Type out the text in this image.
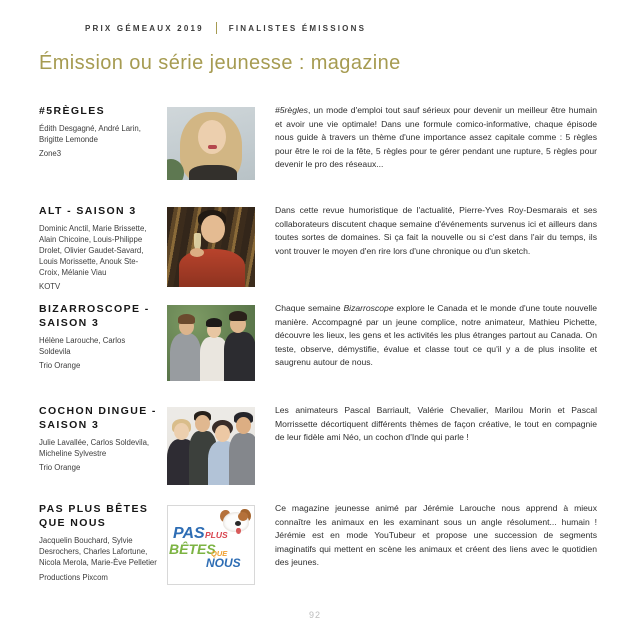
PRIX GÉMEAUX 2019	FINALISTES ÉMISSIONS
Émission ou série jeunesse : magazine
#5RÈGLES
Édith Desgagné, André Larin, Brigitte Lemonde
Zone3
#5règles, un mode d'emploi tout sauf sérieux pour devenir un meilleur être humain et avoir une vie optimale! Dans une formule comico-informative, chaque épisode nous guide à travers un thème d'une importance assez capitale comme : 5 règles pour être le roi de la fête, 5 règles pour te gérer pendant une rupture, 5 règles pour devenir le pro des réseaux...
ALT - SAISON 3
Dominic Anctil, Marie Brissette, Alain Chicoine, Louis-Philippe Drolet, Olivier Gaudet-Savard, Louis Morissette, Anouk Ste-Croix, Mélanie Viau
KOTV
Dans cette revue humoristique de l'actualité, Pierre-Yves Roy-Desmarais et ses collaborateurs discutent chaque semaine d'événements survenus ici et ailleurs dans toutes sortes de domaines. Si ça fait la nouvelle ou si c'est dans l'air du temps, ils vont trouver le moyen d'en rire lors d'une chronique ou d'un sketch.
BIZARROSCOPE - SAISON 3
Hélène Larouche, Carlos Soldevila
Trio Orange
Chaque semaine Bizarroscope explore le Canada et le monde d'une toute nouvelle manière. Accompagné par un jeune complice, notre animateur, Mathieu Pichette, découvre les lieux, les gens et les activités les plus étranges partout au Canada. On teste, observe, démystifie, évalue et classe tout ce qu'il y a de plus insolite et saugrenu autour de nous.
COCHON DINGUE - SAISON 3
Julie Lavallée, Carlos Soldevila, Micheline Sylvestre
Trio Orange
Les animateurs Pascal Barriault, Valérie Chevalier, Marilou Morin et Pascal Morrissette décortiquent différents thèmes de façon créative, le tout en compagnie de leur fidèle ami Néo, un cochon d'Inde qui parle !
PAS PLUS BÊTES QUE NOUS
Jacquelin Bouchard, Sylvie Desrochers, Charles Lafortune, Nicola Merola, Marie-Ève Pelletier
Productions Pixcom
PAS PLUS
BÊTES
QUE
NOUS
Ce magazine jeunesse animé par Jérémie Larouche nous apprend à mieux connaître les animaux en les examinant sous un angle résolument... humain ! Jérémie est en mode YouTubeur et propose une succession de segments imaginatifs qui mettent en scène les animaux et créent des liens avec le quotidien des jeunes.
92
